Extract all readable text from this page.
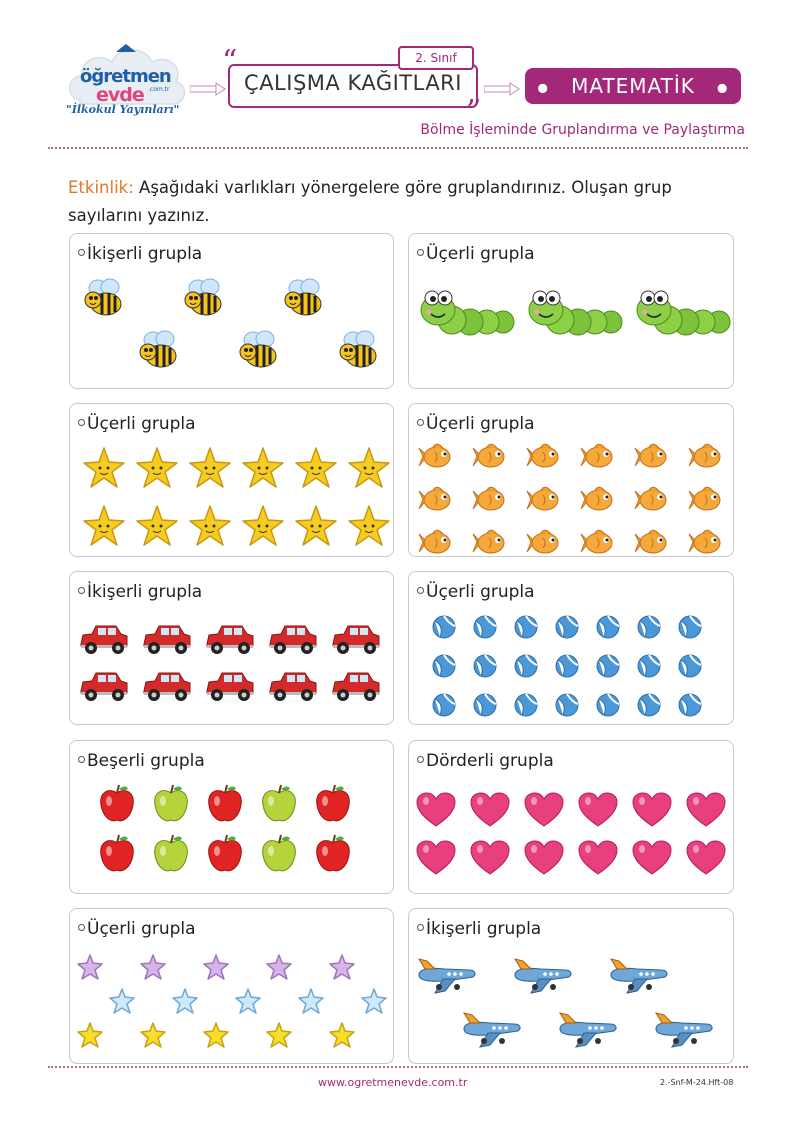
öğretmen
evde .com.tr
"İlkokul Yayınları"
“
”
ÇALIŞMA KAĞITLARI
2. Sınıf
● MATEMATİK ●
Bölme İşleminde Gruplandırma ve Paylaştırma
Etkinlik: Aşağıdaki varlıkları yönergelere göre gruplandırınız. Oluşan grup sayılarını yazınız.
İkişerli grupla	Üçerli grupla
Üçerli grupla	Üçerli grupla
İkişerli grupla	Üçerli grupla
Beşerli grupla	Dörderli grupla
Üçerli grupla	İkişerli grupla
www.ogretmenevde.com.tr	2.-Snf-M-24.Hft-08
